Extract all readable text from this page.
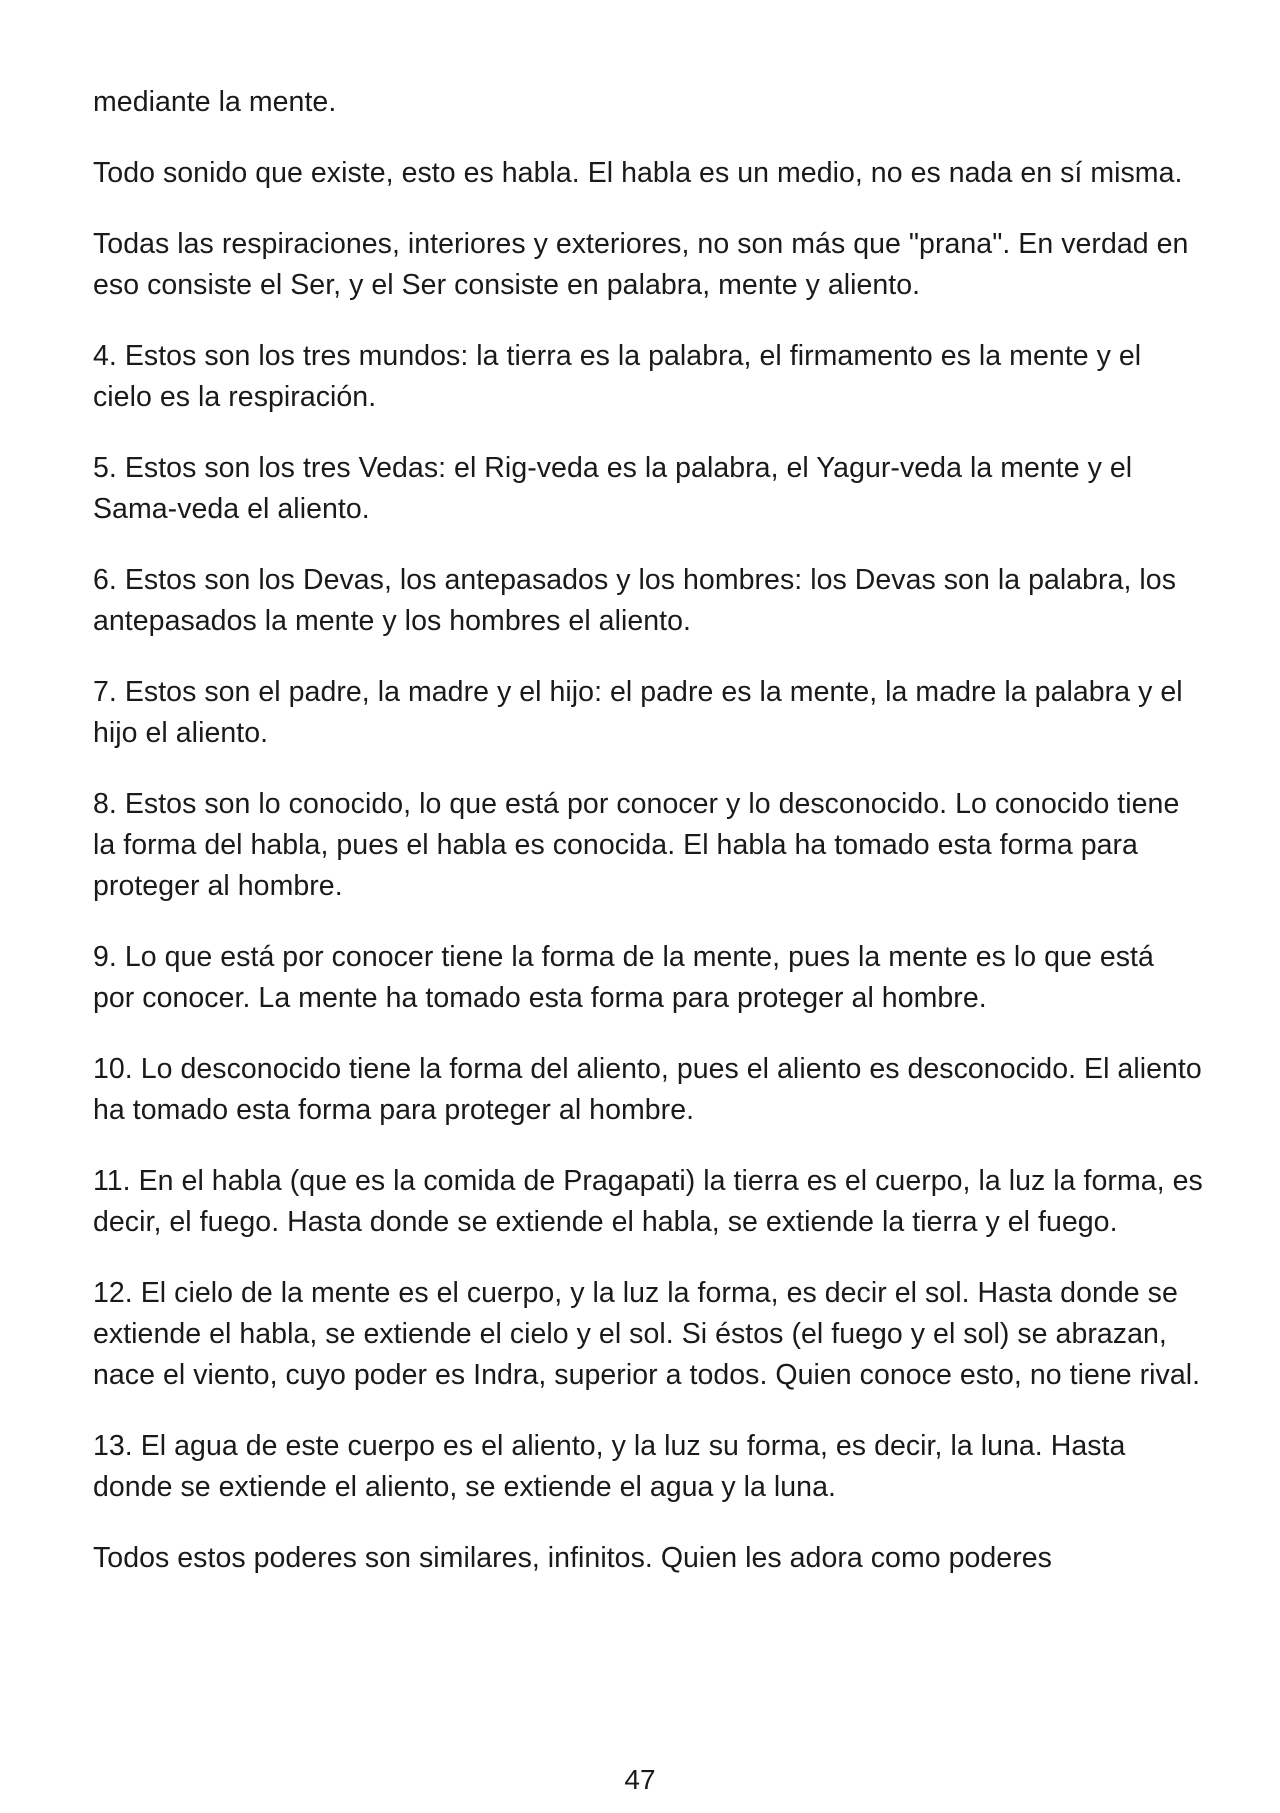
mediante la mente.

Todo sonido que existe, esto es habla. El habla es un medio, no es nada en sí misma.

Todas las respiraciones, interiores y exteriores, no son más que "prana". En verdad en eso consiste el Ser, y el Ser consiste en palabra, mente y aliento.

4. Estos son los tres mundos: la tierra es la palabra, el firmamento es la mente y el cielo es la respiración.

5. Estos son los tres Vedas: el Rig-veda es la palabra, el Yagur-veda la mente y el Sama-veda el aliento.

6. Estos son los Devas, los antepasados y los hombres: los Devas son la palabra, los antepasados la mente y los hombres el aliento.

7. Estos son el padre, la madre y el hijo: el padre es la mente, la madre la palabra y el hijo el aliento.

8. Estos son lo conocido, lo que está por conocer y lo desconocido. Lo conocido tiene la forma del habla, pues el habla es conocida. El habla ha tomado esta forma para proteger al hombre.

9. Lo que está por conocer tiene la forma de la mente, pues la mente es lo que está por conocer. La mente ha tomado esta forma para proteger al hombre.

10. Lo desconocido tiene la forma del aliento, pues el aliento es desconocido. El aliento ha tomado esta forma para proteger al hombre.

11. En el habla (que es la comida de Pragapati) la tierra es el cuerpo, la luz la forma, es decir, el fuego. Hasta donde se extiende el habla, se extiende la tierra y el fuego.

12. El cielo de la mente es el cuerpo, y la luz la forma, es decir el sol. Hasta donde se extiende el habla, se extiende el cielo y el sol. Si éstos (el fuego y el sol) se abrazan, nace el viento, cuyo poder es Indra, superior a todos. Quien conoce esto, no tiene rival.

13. El agua de este cuerpo es el aliento, y la luz su forma, es decir, la luna. Hasta donde se extiende el aliento, se extiende el agua y la luna.

Todos estos poderes son similares, infinitos. Quien les adora como poderes

47
